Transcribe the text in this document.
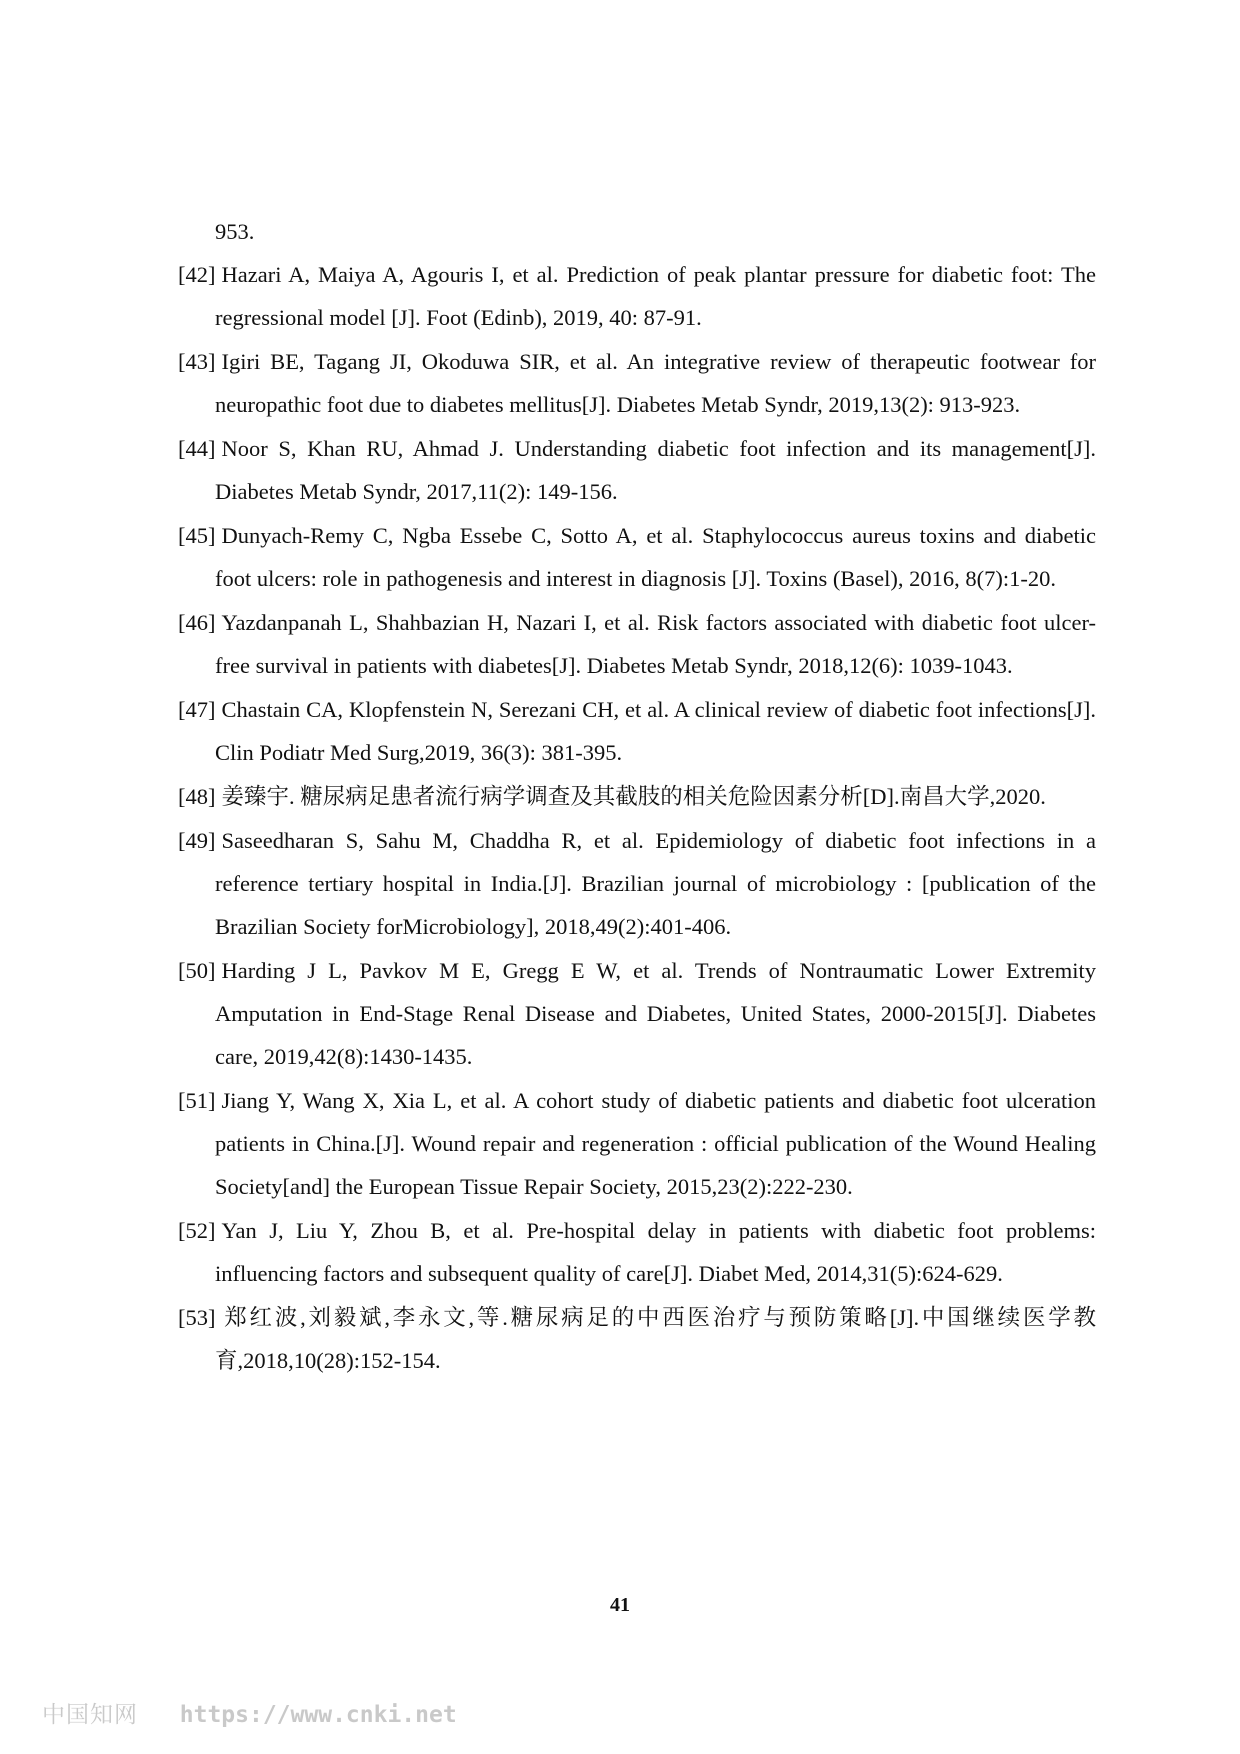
953.
[42] Hazari A, Maiya A, Agouris I, et al. Prediction of peak plantar pressure for diabetic foot: The regressional model [J]. Foot (Edinb), 2019, 40: 87-91.
[43] Igiri BE, Tagang JI, Okoduwa SIR, et al. An integrative review of therapeutic footwear for neuropathic foot due to diabetes mellitus[J]. Diabetes Metab Syndr, 2019,13(2): 913-923.
[44] Noor S, Khan RU, Ahmad J. Understanding diabetic foot infection and its management[J]. Diabetes Metab Syndr, 2017,11(2): 149-156.
[45] Dunyach-Remy C, Ngba Essebe C, Sotto A, et al. Staphylococcus aureus toxins and diabetic foot ulcers: role in pathogenesis and interest in diagnosis [J]. Toxins (Basel), 2016, 8(7):1-20.
[46] Yazdanpanah L, Shahbazian H, Nazari I, et al. Risk factors associated with diabetic foot ulcer-free survival in patients with diabetes[J]. Diabetes Metab Syndr, 2018,12(6): 1039-1043.
[47] Chastain CA, Klopfenstein N, Serezani CH, et al. A clinical review of diabetic foot infections[J]. Clin Podiatr Med Surg,2019, 36(3): 381-395.
[48] 姜臻宇. 糖尿病足患者流行病学调查及其截肢的相关危险因素分析[D].南昌大学,2020.
[49] Saseedharan S, Sahu M, Chaddha R, et al. Epidemiology of diabetic foot infections in a reference tertiary hospital in India.[J]. Brazilian journal of microbiology : [publication of the Brazilian Society forMicrobiology], 2018,49(2):401-406.
[50] Harding J L, Pavkov M E, Gregg E W, et al. Trends of Nontraumatic Lower Extremity Amputation in End-Stage Renal Disease and Diabetes, United States, 2000-2015[J]. Diabetes care, 2019,42(8):1430-1435.
[51] Jiang Y, Wang X, Xia L, et al. A cohort study of diabetic patients and diabetic foot ulceration patients in China.[J]. Wound repair and regeneration : official publication of the Wound Healing Society[and] the European Tissue Repair Society, 2015,23(2):222-230.
[52] Yan J, Liu Y, Zhou B, et al. Pre-hospital delay in patients with diabetic foot problems: influencing factors and subsequent quality of care[J]. Diabet Med, 2014,31(5):624-629.
[53] 郑红波,刘毅斌,李永文,等.糖尿病足的中西医治疗与预防策略[J].中国继续医学教育,2018,10(28):152-154.
41
中国知网 https://www.cnki.net
